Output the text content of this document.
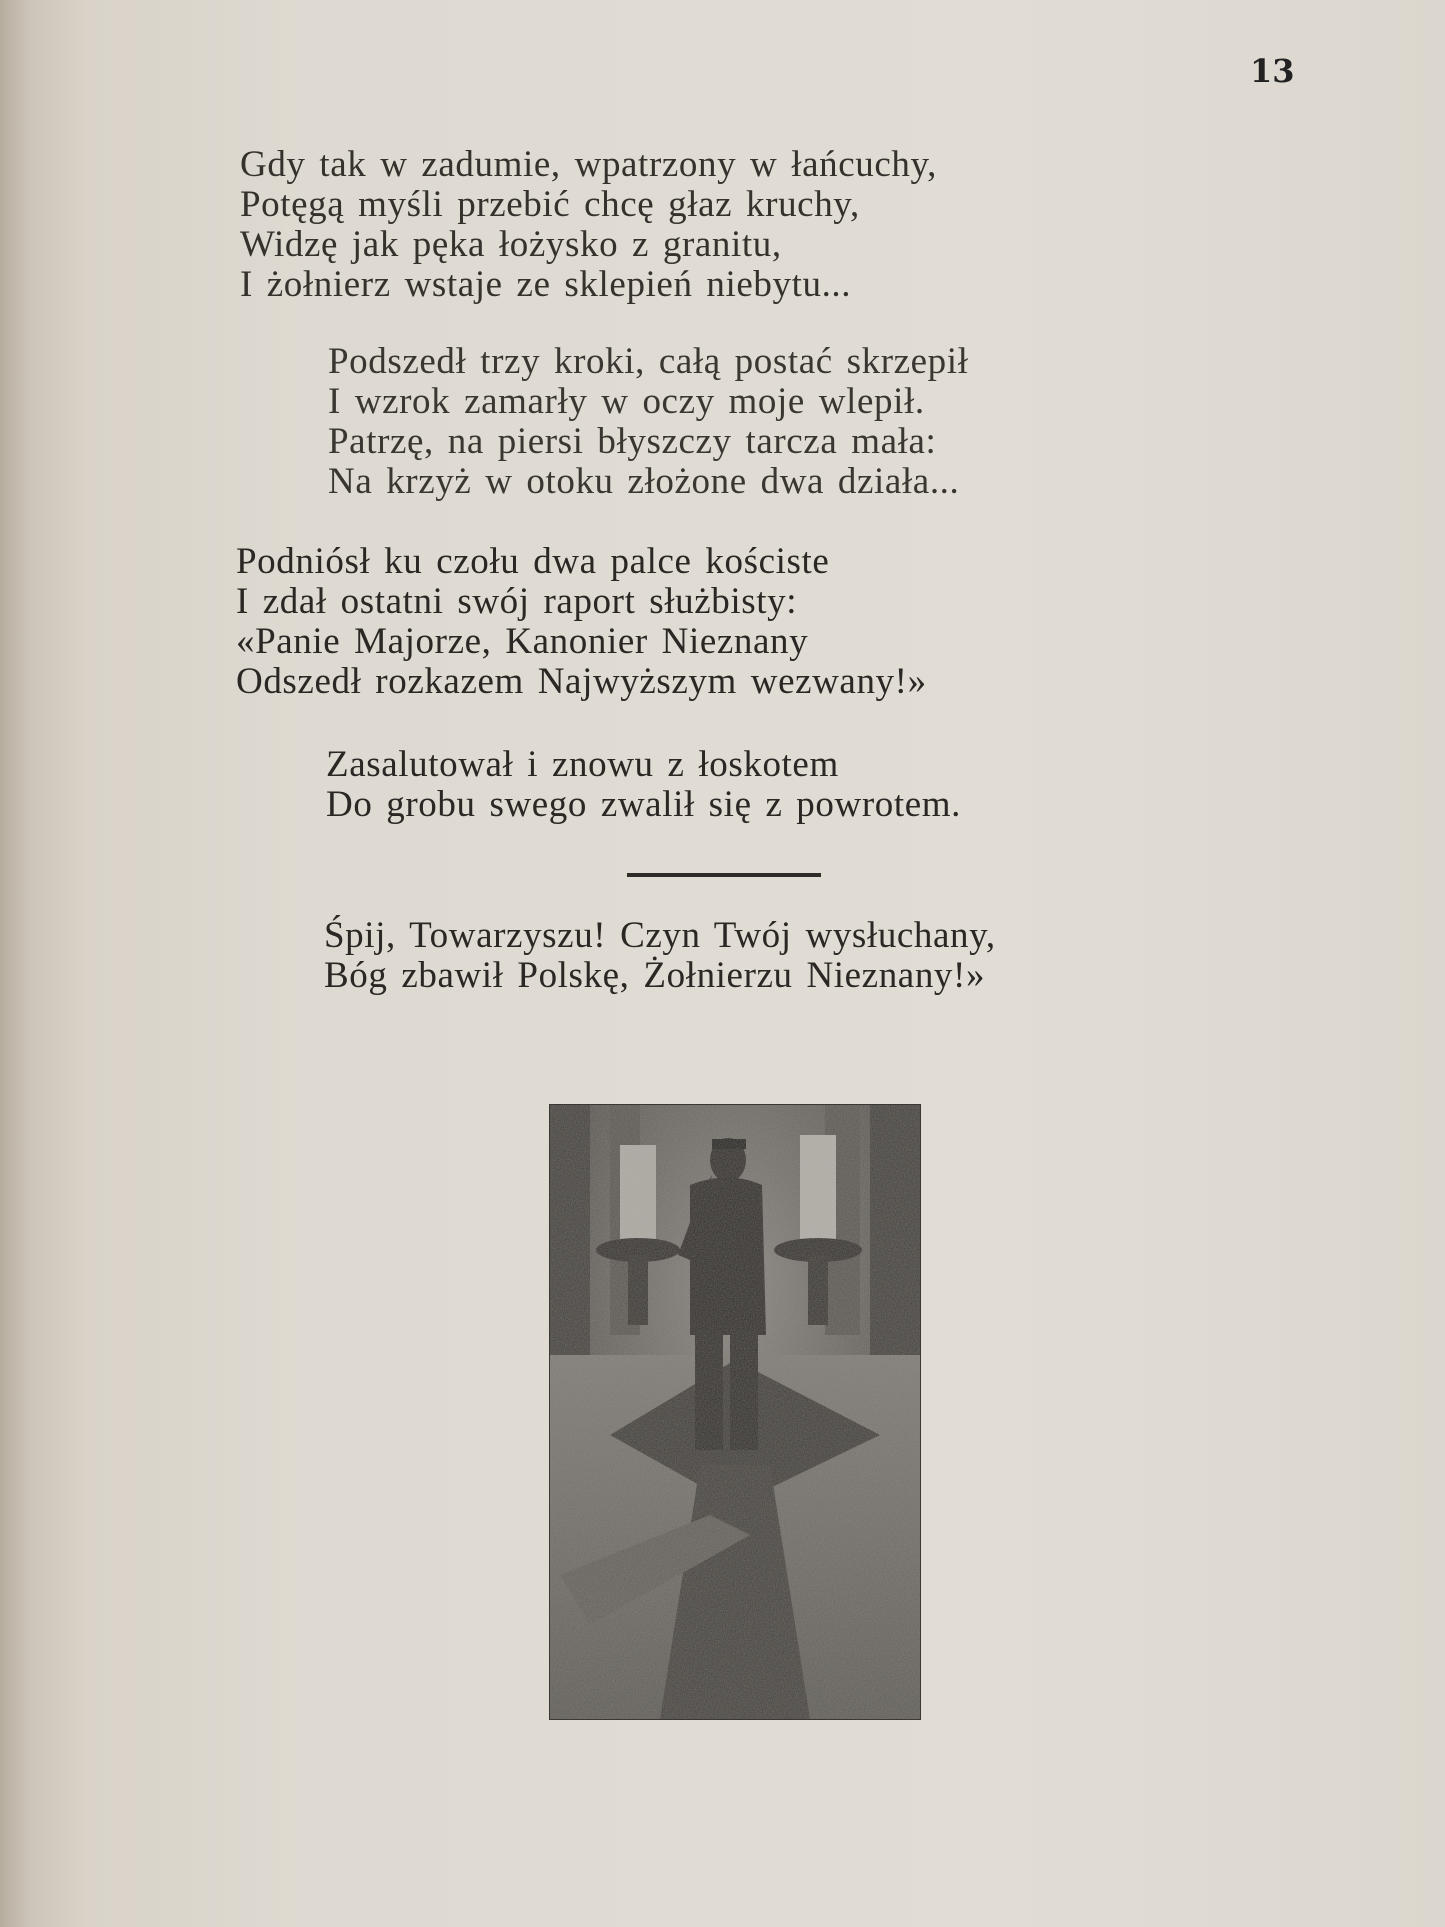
13
Gdy tak w zadumie, wpatrzony w łańcuchy,
Potęgą myśli przebić chcę głaz kruchy,
Widzę jak pęka łożysko z granitu,
I żołnierz wstaje ze sklepień niebytu...
Podszedł trzy kroki, całą postać skrzepił
I wzrok zamarły w oczy moje wlepił.
Patrzę, na piersi błyszczy tarcza mała:
Na krzyż w otoku złożone dwa działa...
Podniósł ku czołu dwa palce kościste
I zdał ostatni swój raport służbisty:
«Panie Majorze, Kanonier Nieznany
Odszedł rozkazem Najwyższym wezwany!»
Zasalutował i znowu z łoskotem
Do grobu swego zwalił się z powrotem.
Śpij, Towarzyszu! Czyn Twój wysłuchany,
Bóg zbawił Polskę, Żołnierzu Nieznany!»
